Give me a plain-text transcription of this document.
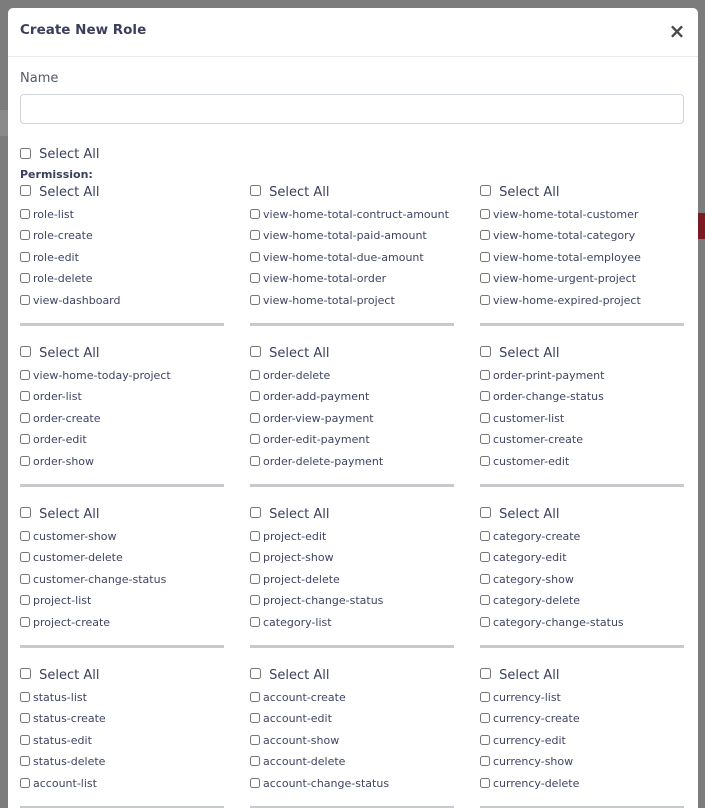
Create New Role	×
Name
Select All
Permission:
Select All
role-list
role-create
role-edit
role-delete
view-dashboard
Select All
view-home-total-contruct-amount
view-home-total-paid-amount
view-home-total-due-amount
view-home-total-order
view-home-total-project
Select All
view-home-total-customer
view-home-total-category
view-home-total-employee
view-home-urgent-project
view-home-expired-project
Select All
view-home-today-project
order-list
order-create
order-edit
order-show
Select All
order-delete
order-add-payment
order-view-payment
order-edit-payment
order-delete-payment
Select All
order-print-payment
order-change-status
customer-list
customer-create
customer-edit
Select All
customer-show
customer-delete
customer-change-status
project-list
project-create
Select All
project-edit
project-show
project-delete
project-change-status
category-list
Select All
category-create
category-edit
category-show
category-delete
category-change-status
Select All
status-list
status-create
status-edit
status-delete
account-list
Select All
account-create
account-edit
account-show
account-delete
account-change-status
Select All
currency-list
currency-create
currency-edit
currency-show
currency-delete
